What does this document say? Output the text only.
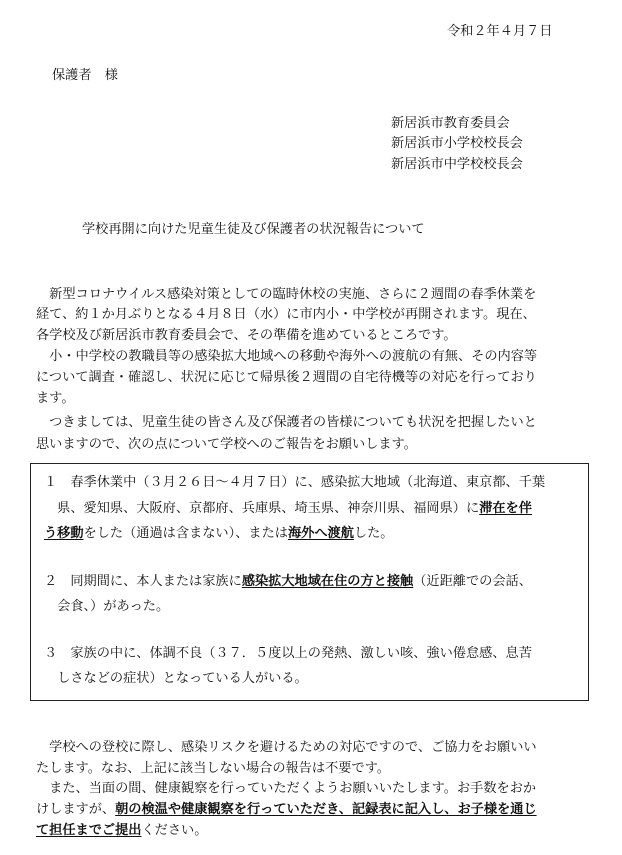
令和２年４月７日
保護者　様
新居浜市教育委員会
新居浜市小学校校長会
新居浜市中学校校長会
学校再開に向けた児童生徒及び保護者の状況報告について
　新型コロナウイルス感染対策としての臨時休校の実施、さらに２週間の春季休業を
経て、約１か月ぶりとなる４月８日（水）に市内小・中学校が再開されます。現在、
各学校及び新居浜市教育委員会で、その準備を進めているところです。
　小・中学校の教職員等の感染拡大地域への移動や海外への渡航の有無、その内容等
について調査・確認し、状況に応じて帰県後２週間の自宅待機等の対応を行っており
ます。
　つきましては、児童生徒の皆さん及び保護者の皆様についても状況を把握したいと
思いますので、次の点について学校へのご報告をお願いします。
１　春季休業中（３月２６日～４月７日）に、感染拡大地域（北海道、東京都、千葉
　県、愛知県、大阪府、京都府、兵庫県、埼玉県、神奈川県、福岡県）に滞在を伴
う移動をした（通過は含まない）、または海外へ渡航した。
２　同期間に、本人または家族に感染拡大地域在住の方と接触（近距離での会話、
　会食、）があった。
３　家族の中に、体調不良（３７．５度以上の発熱、激しい咳、強い倦怠感、息苦
　しさなどの症状）となっている人がいる。
　学校への登校に際し、感染リスクを避けるための対応ですので、ご協力をお願いい
たします。なお、上記に該当しない場合の報告は不要です。
　また、当面の間、健康観察を行っていただくようお願いいたします。お手数をおか
けしますが、朝の検温や健康観察を行っていただき、記録表に記入し、お子様を通じ
て担任までご提出ください。
